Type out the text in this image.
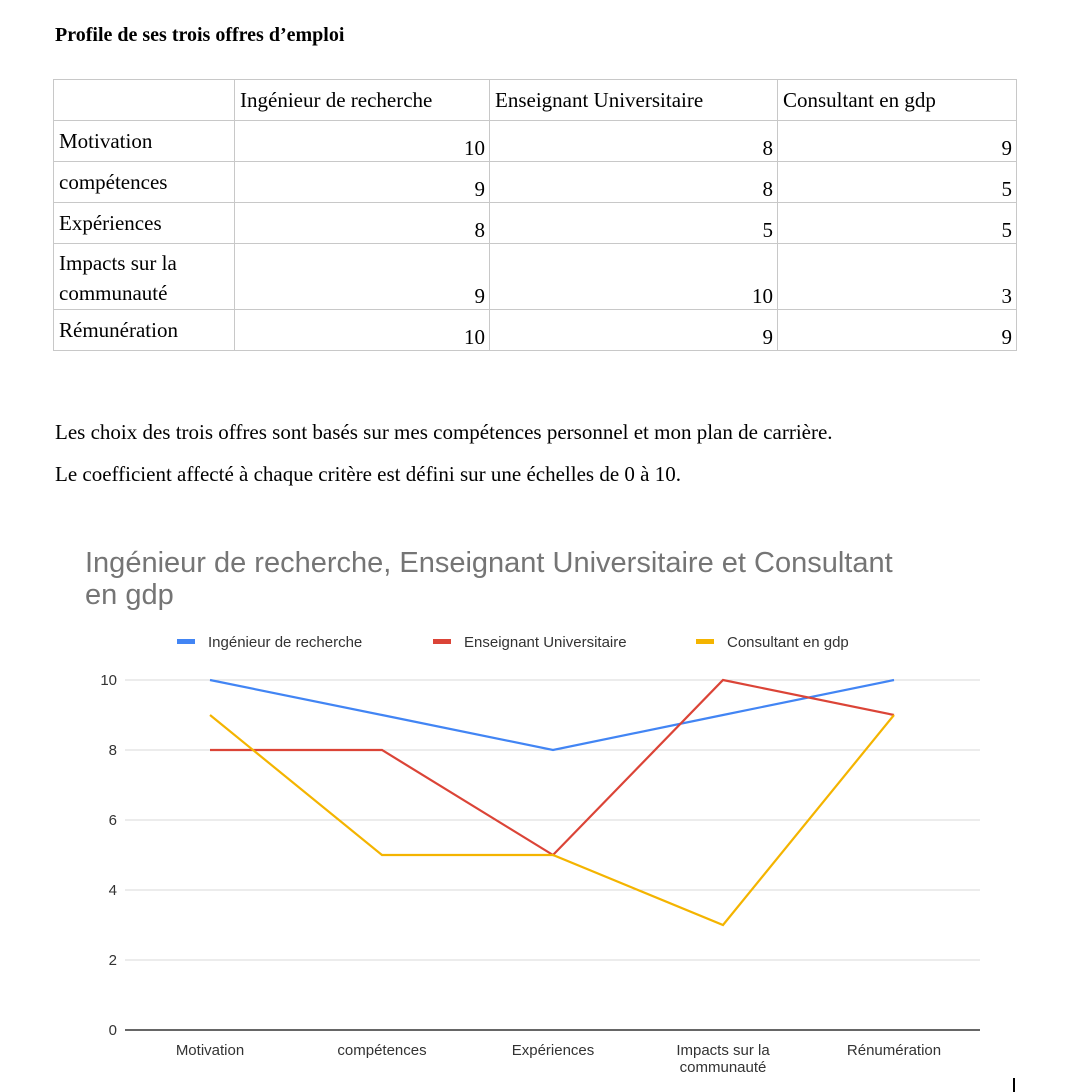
Profile de ses trois offres d’emploi
	Ingénieur de recherche	Enseignant Universitaire	Consultant en gdp
Motivation	10	8	9
compétences	9	8	5
Expériences	8	5	5
Impacts sur la
communauté	9	10	3
Rémunération	10	9	9
Les choix des trois offres sont basés sur mes compétences personnel et mon plan de carrière.
Le coefficient affecté à chaque critère est défini sur une échelles de 0 à 10.
Ingénieur de recherche, Enseignant Universitaire et Consultant
en gdp
Ingénieur de recherche	Enseignant Universitaire	Consultant en gdp
0
2
4
6
8
10
Motivation	compétences	Expériences	Impacts sur la
communauté
Rénumération
